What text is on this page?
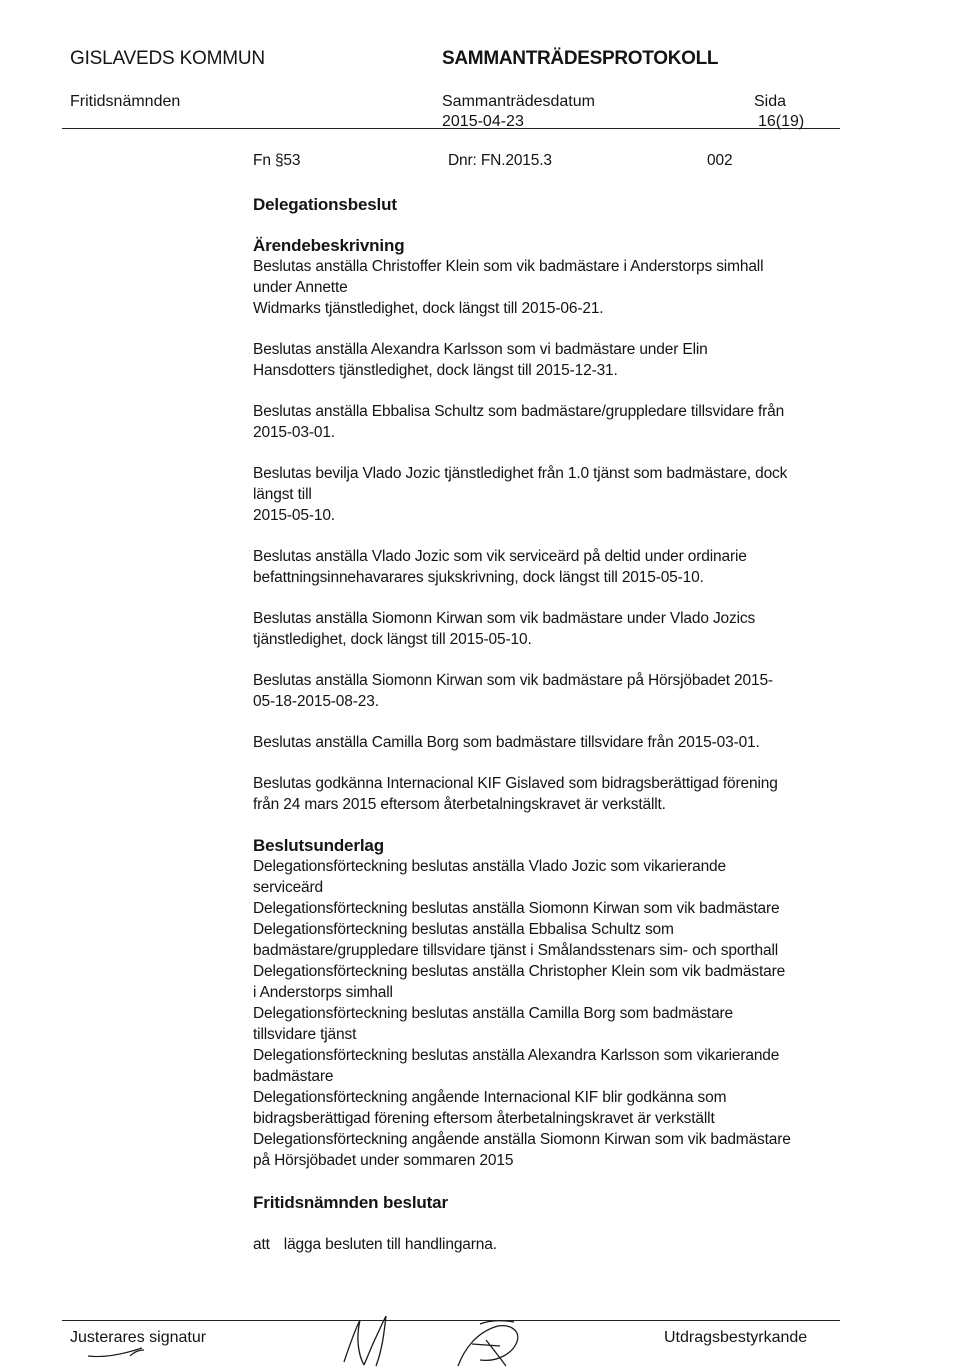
GISLAVEDS KOMMUN	SAMMANTRÄDESPROTOKOLL
Fritidsnämnden	Sammanträdesdatum
2015-04-23
Sida
16(19)
Fn §53	Dnr: FN.2015.3	002
Delegationsbeslut
Ärendebeskrivning
Beslutas anställa Christoffer Klein som vik badmästare i Anderstorps simhall
under Annette
Widmarks tjänstledighet, dock längst till 2015-06-21.
Beslutas anställa Alexandra Karlsson som vi badmästare under Elin
Hansdotters tjänstledighet, dock längst till 2015-12-31.
Beslutas anställa Ebbalisa Schultz som badmästare/gruppledare tillsvidare från
2015-03-01.
Beslutas bevilja Vlado Jozic tjänstledighet från 1.0 tjänst som badmästare, dock
längst till
2015-05-10.
Beslutas anställa Vlado Jozic som vik serviceärd på deltid under ordinarie
befattningsinnehavarares sjukskrivning, dock längst till 2015-05-10.
Beslutas anställa Siomonn Kirwan som vik badmästare under Vlado Jozics
tjänstledighet, dock längst till 2015-05-10.
Beslutas anställa Siomonn Kirwan som vik badmästare på Hörsjöbadet 2015-
05-18-2015-08-23.
Beslutas anställa Camilla Borg som badmästare tillsvidare från 2015-03-01.
Beslutas godkänna Internacional KIF Gislaved som bidragsberättigad förening
från 24 mars 2015 eftersom återbetalningskravet är verkställt.
Beslutsunderlag
Delegationsförteckning beslutas anställa Vlado Jozic som vikarierande
serviceärd
Delegationsförteckning beslutas anställa Siomonn Kirwan som vik badmästare
Delegationsförteckning beslutas anställa Ebbalisa Schultz som
badmästare/gruppledare tillsvidare tjänst i Smålandsstenars sim- och sporthall
Delegationsförteckning beslutas anställa Christopher Klein som vik badmästare
i Anderstorps simhall
Delegationsförteckning beslutas anställa Camilla Borg som badmästare
tillsvidare tjänst
Delegationsförteckning beslutas anställa Alexandra Karlsson som vikarierande
badmästare
Delegationsförteckning angående Internacional KIF blir godkänna som
bidragsberättigad förening eftersom återbetalningskravet är verkställt
Delegationsförteckning angående anställa Siomonn Kirwan som vik badmästare
på Hörsjöbadet under sommaren 2015
Fritidsnämnden beslutar
att lägga besluten till handlingarna.
Justerares signatur	Utdragsbestyrkande
